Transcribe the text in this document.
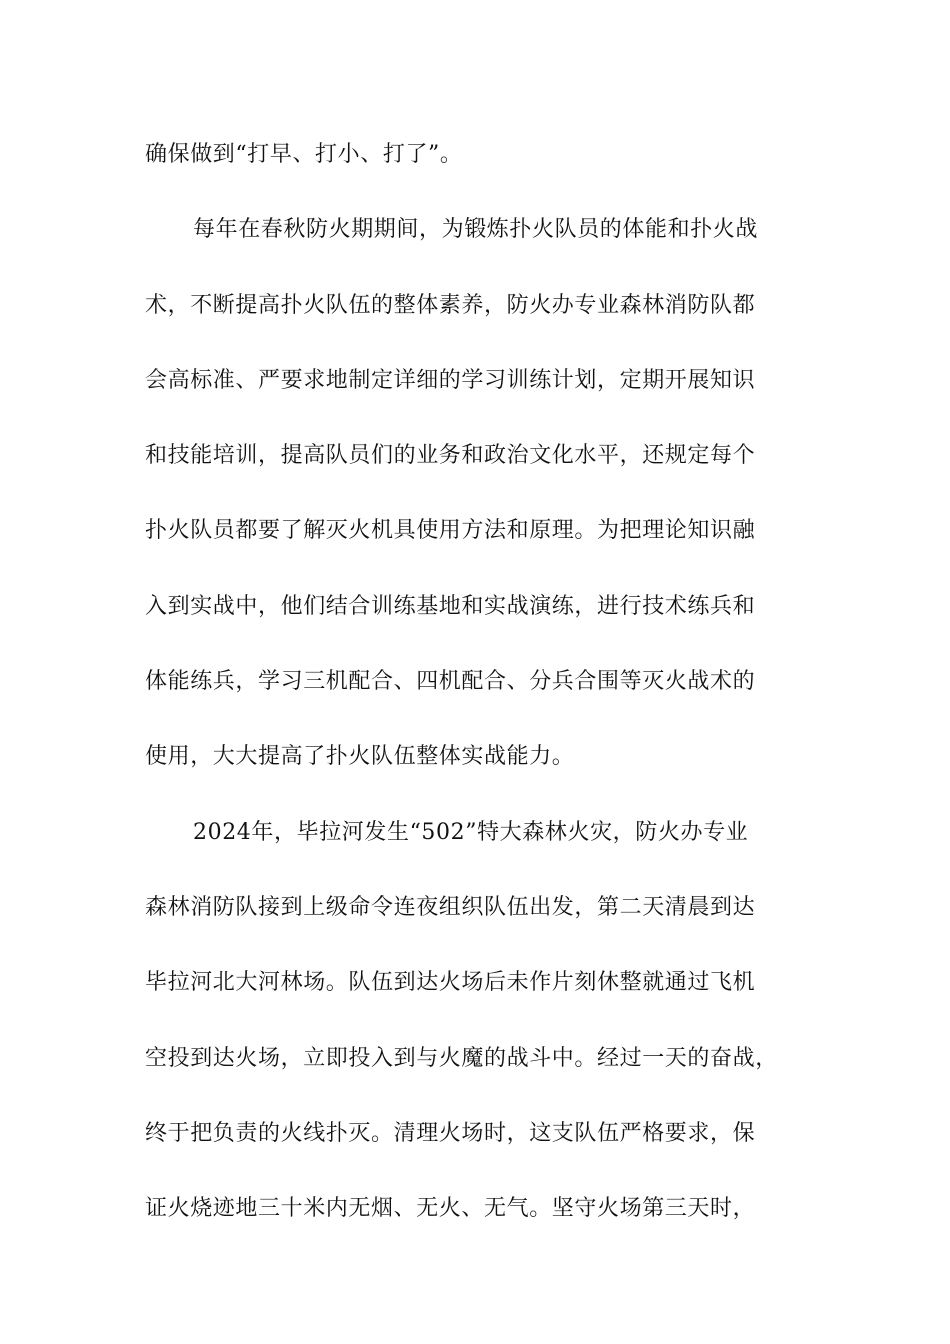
确保做到“打早、打小、打了”。
每年在春秋防火期期间，为锻炼扑火队员的体能和扑火战
术，不断提高扑火队伍的整体素养，防火办专业森林消防队都
会高标准、严要求地制定详细的学习训练计划，定期开展知识
和技能培训，提高队员们的业务和政治文化水平，还规定每个
扑火队员都要了解灭火机具使用方法和原理。为把理论知识融
入到实战中，他们结合训练基地和实战演练，进行技术练兵和
体能练兵，学习三机配合、四机配合、分兵合围等灭火战术的
使用，大大提高了扑火队伍整体实战能力。
2024年，毕拉河发生“502”特大森林火灾，防火办专业
森林消防队接到上级命令连夜组织队伍出发，第二天清晨到达
毕拉河北大河林场。队伍到达火场后未作片刻休整就通过飞机
空投到达火场，立即投入到与火魔的战斗中。经过一天的奋战，
终于把负责的火线扑灭。清理火场时，这支队伍严格要求，保
证火烧迹地三十米内无烟、无火、无气。坚守火场第三天时，
